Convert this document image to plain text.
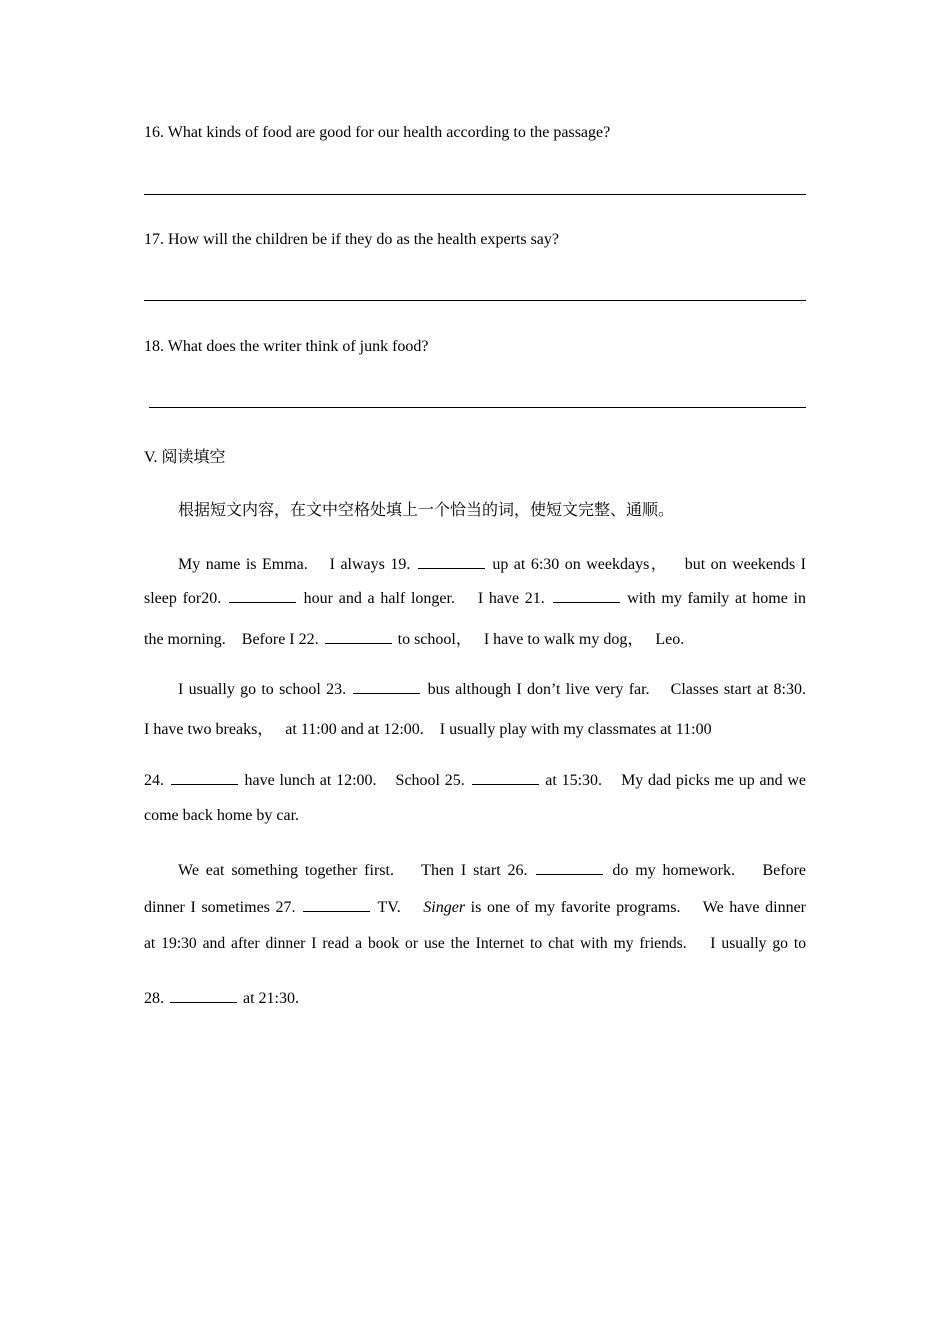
16. What kinds of food are good for our health according to the passage?
17. How will the children be if they do as the health experts say?
18. What does the writer think of junk food?
V. 阅读填空
根据短文内容，在文中空格处填上一个恰当的词，使短文完整、通顺。
My name is Emma.    I always 19.	up at 6:30 on weekdays，   but on weekends I
sleep for20.	hour and a half longer.    I have 21.	with my family at home in
the morning.    Before I 22.	to school，   I have to walk my dog，   Leo.
I usually go to school 23.	bus although I don’t live very far.    Classes start at 8:30.
I have two breaks，   at 11:00 and at 12:00.    I usually play with my classmates at 11:00
24.	have lunch at 12:00.    School 25.	at 15:30.    My dad picks me up and we
come back home by car.
We eat something together first.    Then I start 26.	do my homework.    Before
dinner I sometimes 27.	TV.    Singer is one of my favorite programs.    We have dinner
at 19:30 and after dinner I read a book or use the Internet to chat with my friends.    I usually go to
28.	at 21:30.
